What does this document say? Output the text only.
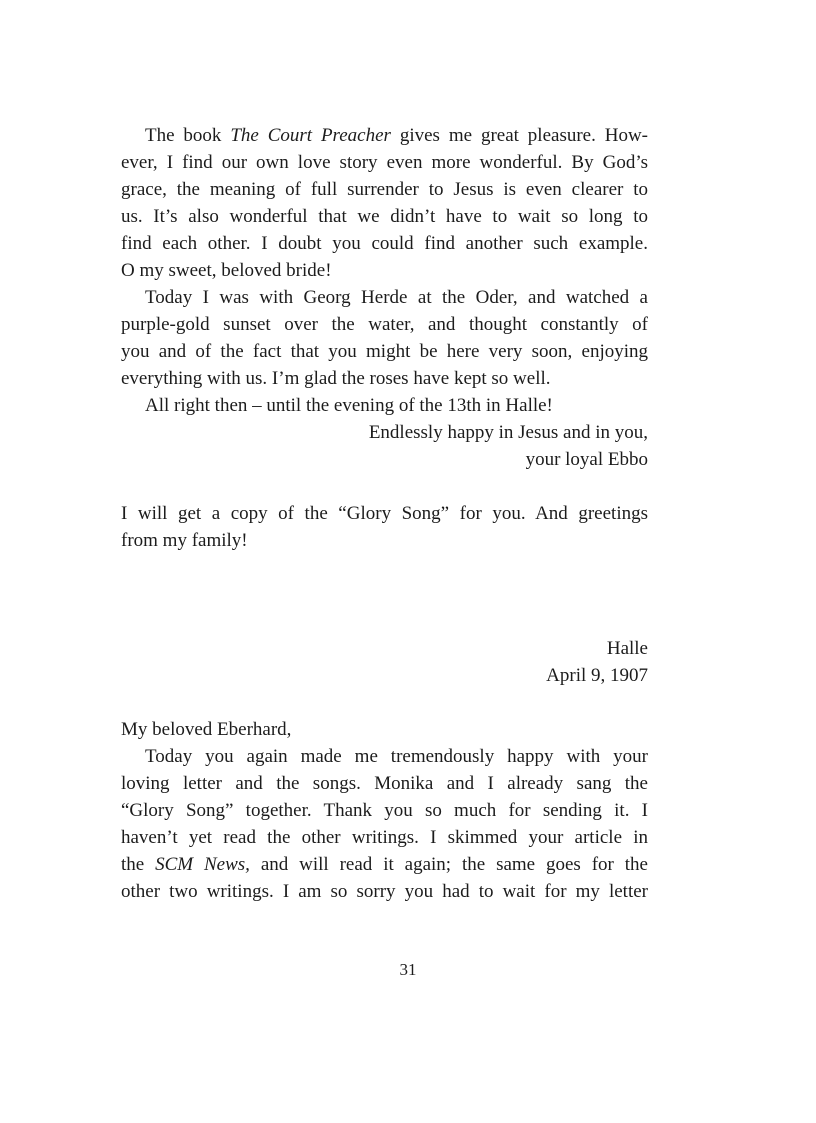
The book The Court Preacher gives me great pleasure. How-
ever, I find our own love story even more wonderful. By God’s
grace, the meaning of full surrender to Jesus is even clearer to
us. It’s also wonderful that we didn’t have to wait so long to
find each other. I doubt you could find another such example.
O my sweet, beloved bride!
Today I was with Georg Herde at the Oder, and watched a
purple-gold sunset over the water, and thought constantly of
you and of the fact that you might be here very soon, enjoying
everything with us. I’m glad the roses have kept so well.
All right then – until the evening of the 13th in Halle!
Endlessly happy in Jesus and in you,
your loyal Ebbo
I will get a copy of the “Glory Song” for you. And greetings
from my family!
Halle
April 9, 1907
My beloved Eberhard,
Today you again made me tremendously happy with your
loving letter and the songs. Monika and I already sang the
“Glory Song” together. Thank you so much for sending it. I
haven’t yet read the other writings. I skimmed your article in
the SCM News, and will read it again; the same goes for the
other two writings. I am so sorry you had to wait for my letter
31
